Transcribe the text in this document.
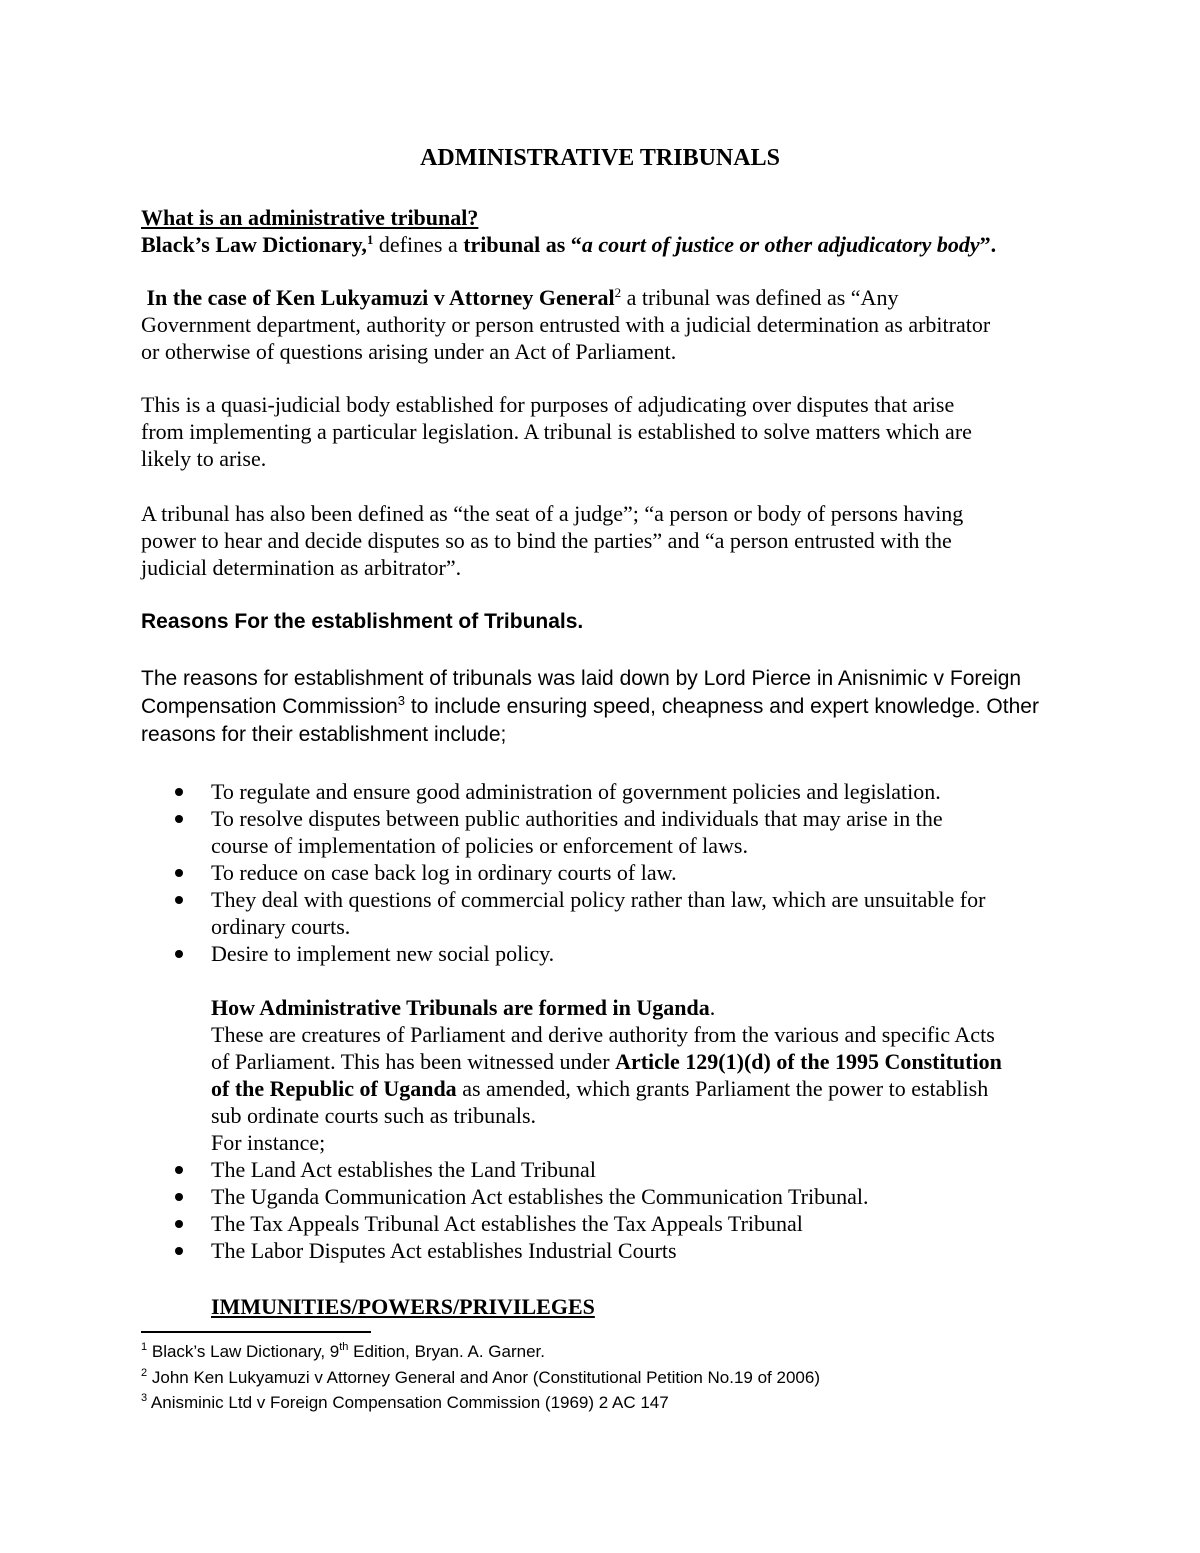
ADMINISTRATIVE TRIBUNALS
What is an administrative tribunal?
Black’s Law Dictionary,$^1$ defines a tribunal as “a court of justice or other adjudicatory body”.
In the case of Ken Lukyamuzi v Attorney General$^2$ a tribunal was defined as “Any
Government department, authority or person entrusted with a judicial determination as arbitrator
or otherwise of questions arising under an Act of Parliament.
This is a quasi-judicial body established for purposes of adjudicating over disputes that arise
from implementing a particular legislation. A tribunal is established to solve matters which are
likely to arise.
A tribunal has also been defined as “the seat of a judge”; “a person or body of persons having
power to hear and decide disputes so as to bind the parties” and “a person entrusted with the
judicial determination as arbitrator”.
Reasons For the establishment of Tribunals.
The reasons for establishment of tribunals was laid down by Lord Pierce in Anisnimic v Foreign
Compensation Commission$^3$ to include ensuring speed, cheapness and expert knowledge. Other
reasons for their establishment include;
To regulate and ensure good administration of government policies and legislation.
To resolve disputes between public authorities and individuals that may arise in the
course of implementation of policies or enforcement of laws.
To reduce on case back log in ordinary courts of law.
They deal with questions of commercial policy rather than law, which are unsuitable for
ordinary courts.
Desire to implement new social policy.
How Administrative Tribunals are formed in Uganda.
These are creatures of Parliament and derive authority from the various and specific Acts
of Parliament. This has been witnessed under Article 129(1)(d) of the 1995 Constitution
of the Republic of Uganda as amended, which grants Parliament the power to establish
sub ordinate courts such as tribunals.
For instance;
The Land Act establishes the Land Tribunal
The Uganda Communication Act establishes the Communication Tribunal.
The Tax Appeals Tribunal Act establishes the Tax Appeals Tribunal
The Labor Disputes Act establishes Industrial Courts
IMMUNITIES/POWERS/PRIVILEGES
$^1$ Black’s Law Dictionary, 9th Edition, Bryan. A. Garner.
$^2$ John Ken Lukyamuzi v Attorney General and Anor (Constitutional Petition No.19 of 2006)
$^3$ Anisminic Ltd v Foreign Compensation Commission (1969) 2 AC 147
